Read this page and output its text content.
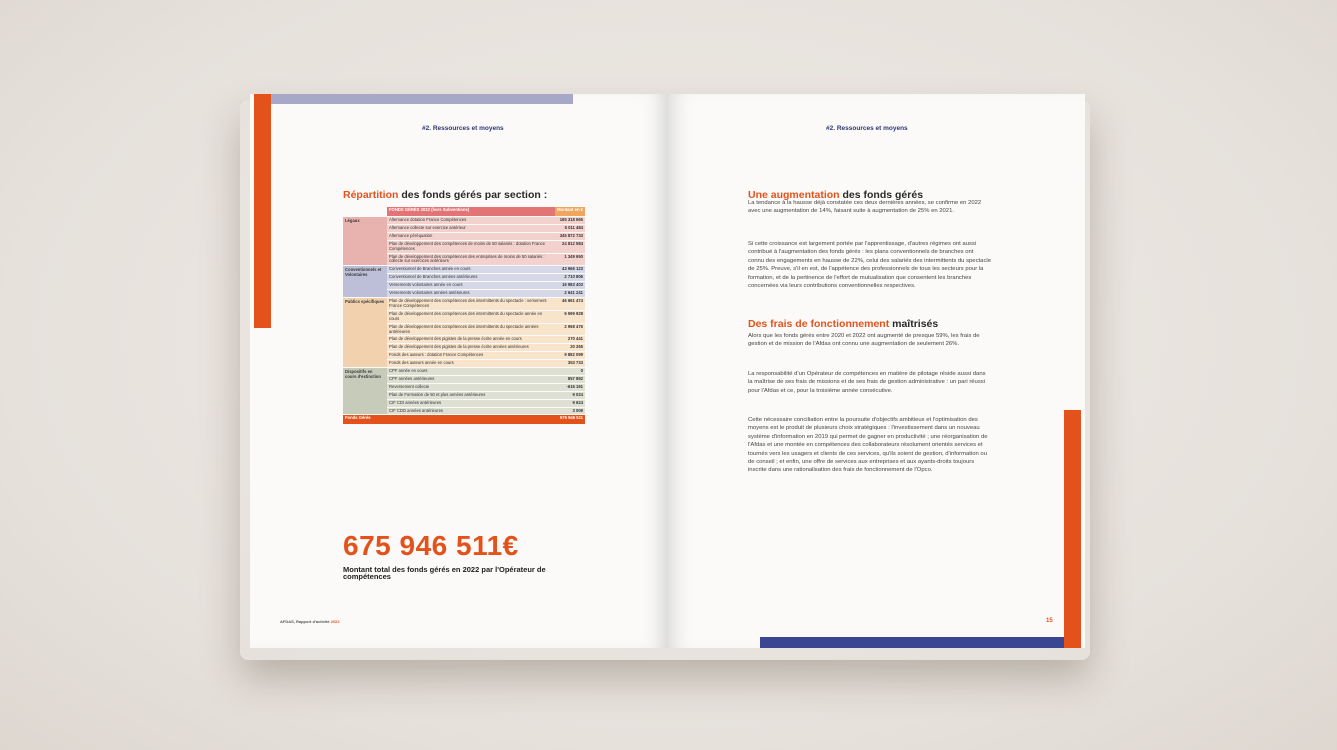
#2. Ressources et moyens
Répartition des fonds gérés par section :
	FONDS GÉRÉS 2022 (hors Subventions)	Montant en €
Légaux	Alternance dotation France Compétences	165 318 665
	Alternance collecte sur exercice antérieur	5 011 484
	Alternance péréquation	345 872 733
	Plan de développement des compétences de moins de 50 salariés : dotation France Compétences	24 812 584
	Plan de développement des compétences des entreprises de moins de 50 salariés : collecte sur exercices antérieurs	1 349 650
Conventionnels et Volontaires	Conventionnel de Branches année en cours	43 966 123
	Conventionnel de Branches années antérieures	2 710 806
	Versements volontaires année en cours	16 983 403
	Versements volontaires années antérieures	2 641 241
Publics spécifiques	Plan de développement des compétences des intermittents du spectacle : versement France Compétences	46 661 474
	Plan de développement des compétences des intermittents du spectacle année en cours	6 599 928
	Plan de développement des compétences des intermittents du spectacle années antérieures	2 968 476
	Plan de développement des pigistes de la presse écrite année en cours	270 441
	Plan de développement des pigistes de la presse écrite années antérieures	20 265
	Fonds des auteurs : dotation France Compétences	9 882 099
	Fonds des auteurs année en cours	353 733
Dispositifs en cours d'extinction	CPF année en cours	0
	CPF années antérieures	857 892
	Reversement collecte	-616 191
	Plan de Formation de 50 et plus années antérieures	9 024
	CIF CDI années antérieures	9 624
	CIF CDD années antérieures	3 009
Fonds Gérés		675 946 511
675 946 511€
Montant total des fonds gérés en 2022 par l'Opérateur de compétences
AFDAS, Rapport d'activité 2022
#2. Ressources et moyens
Une augmentation des fonds gérés

La tendance à la hausse déjà constatée ces deux dernières années, se confirme en 2022 avec une augmentation de 14%, faisant suite à augmentation de 25% en 2021.

Si cette croissance est largement portée par l'apprentissage, d'autres régimes ont aussi contribué à l'augmentation des fonds gérés : les plans conventionnels de branches ont connu des engagements en hausse de 22%, celui des salariés des intermittents du spectacle de 25%. Preuve, s'il en est, de l'appétence des professionnels de tous les secteurs pour la formation, et de la pertinence de l'effort de mutualisation que consentent les branches concernées via leurs contributions conventionnelles respectives.

Des frais de fonctionnement maîtrisés

Alors que les fonds gérés entre 2020 et 2022 ont augmenté de presque 59%, les frais de gestion et de mission de l'Afdas ont connu une augmentation de seulement 26%.

La responsabilité d'un Opérateur de compétences en matière de pilotage réside aussi dans la maîtrise de ses frais de missions et de ses frais de gestion administrative : un pari réussi pour l'Afdas et ce, pour la troisième année consécutive.

Cette nécessaire conciliation entre la poursuite d'objectifs ambitieux et l'optimisation des moyens est le produit de plusieurs choix stratégiques : l'investissement dans un nouveau système d'information en 2019 qui permet de gagner en productivité ; une réorganisation de l'Afdas et une montée en compétences des collaborateurs résolument orientés services et tournés vers les usagers et clients de ces services, qu'ils soient de gestion, d'information ou de conseil ; et enfin, une offre de services aux entreprises et aux ayants-droits toujours inscrite dans une rationalisation des frais de fonctionnement de l'Opco.

15
